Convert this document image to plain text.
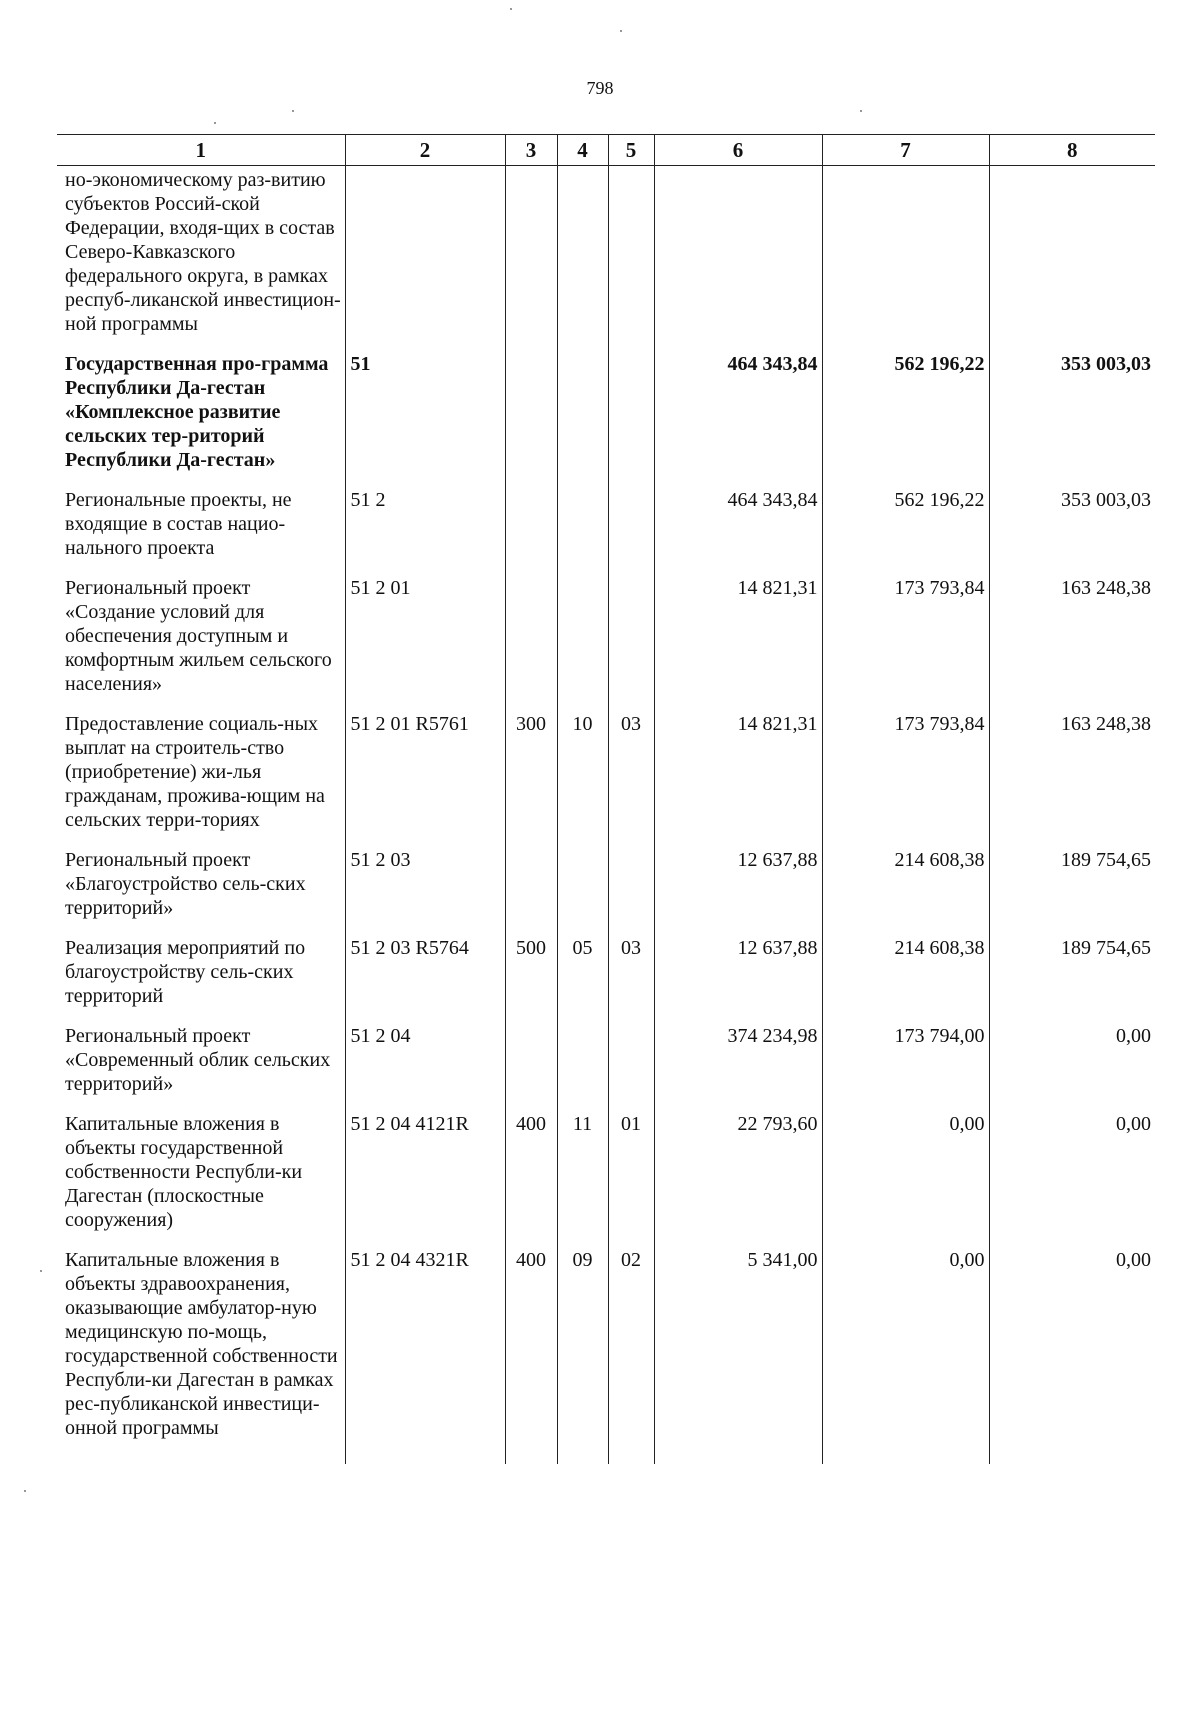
798
1	2	3	4	5	6	7	8
но-экономическому раз-витию субъектов Россий-ской Федерации, входя-щих в состав Северо-Кавказского федерального округа, в рамках респуб-ликанской инвестицион-ной программы							
Государственная про-грамма Республики Да-гестан «Комплексное развитие сельских тер-риторий Республики Да-гестан»	51				464 343,84	562 196,22	353 003,03
Региональные проекты, не входящие в состав нацио-нального проекта	51 2				464 343,84	562 196,22	353 003,03
Региональный проект «Создание условий для обеспечения доступным и комфортным жильем сельского населения»	51 2 01				14 821,31	173 793,84	163 248,38
Предоставление социаль-ных выплат на строитель-ство (приобретение) жи-лья гражданам, прожива-ющим на сельских терри-ториях	51 2 01 R5761	300	10	03	14 821,31	173 793,84	163 248,38
Региональный проект «Благоустройство сель-ских территорий»	51 2 03				12 637,88	214 608,38	189 754,65
Реализация мероприятий по благоустройству сель-ских территорий	51 2 03 R5764	500	05	03	12 637,88	214 608,38	189 754,65
Региональный проект «Современный облик сельских территорий»	51 2 04				374 234,98	173 794,00	0,00
Капитальные вложения в объекты государственной собственности Республи-ки Дагестан (плоскостные сооружения)	51 2 04 4121R	400	11	01	22 793,60	0,00	0,00
Капитальные вложения в объекты здравоохранения, оказывающие амбулатор-ную медицинскую по-мощь, государственной собственности Республи-ки Дагестан в рамках рес-публиканской инвестици-онной программы	51 2 04 4321R	400	09	02	5 341,00	0,00	0,00
